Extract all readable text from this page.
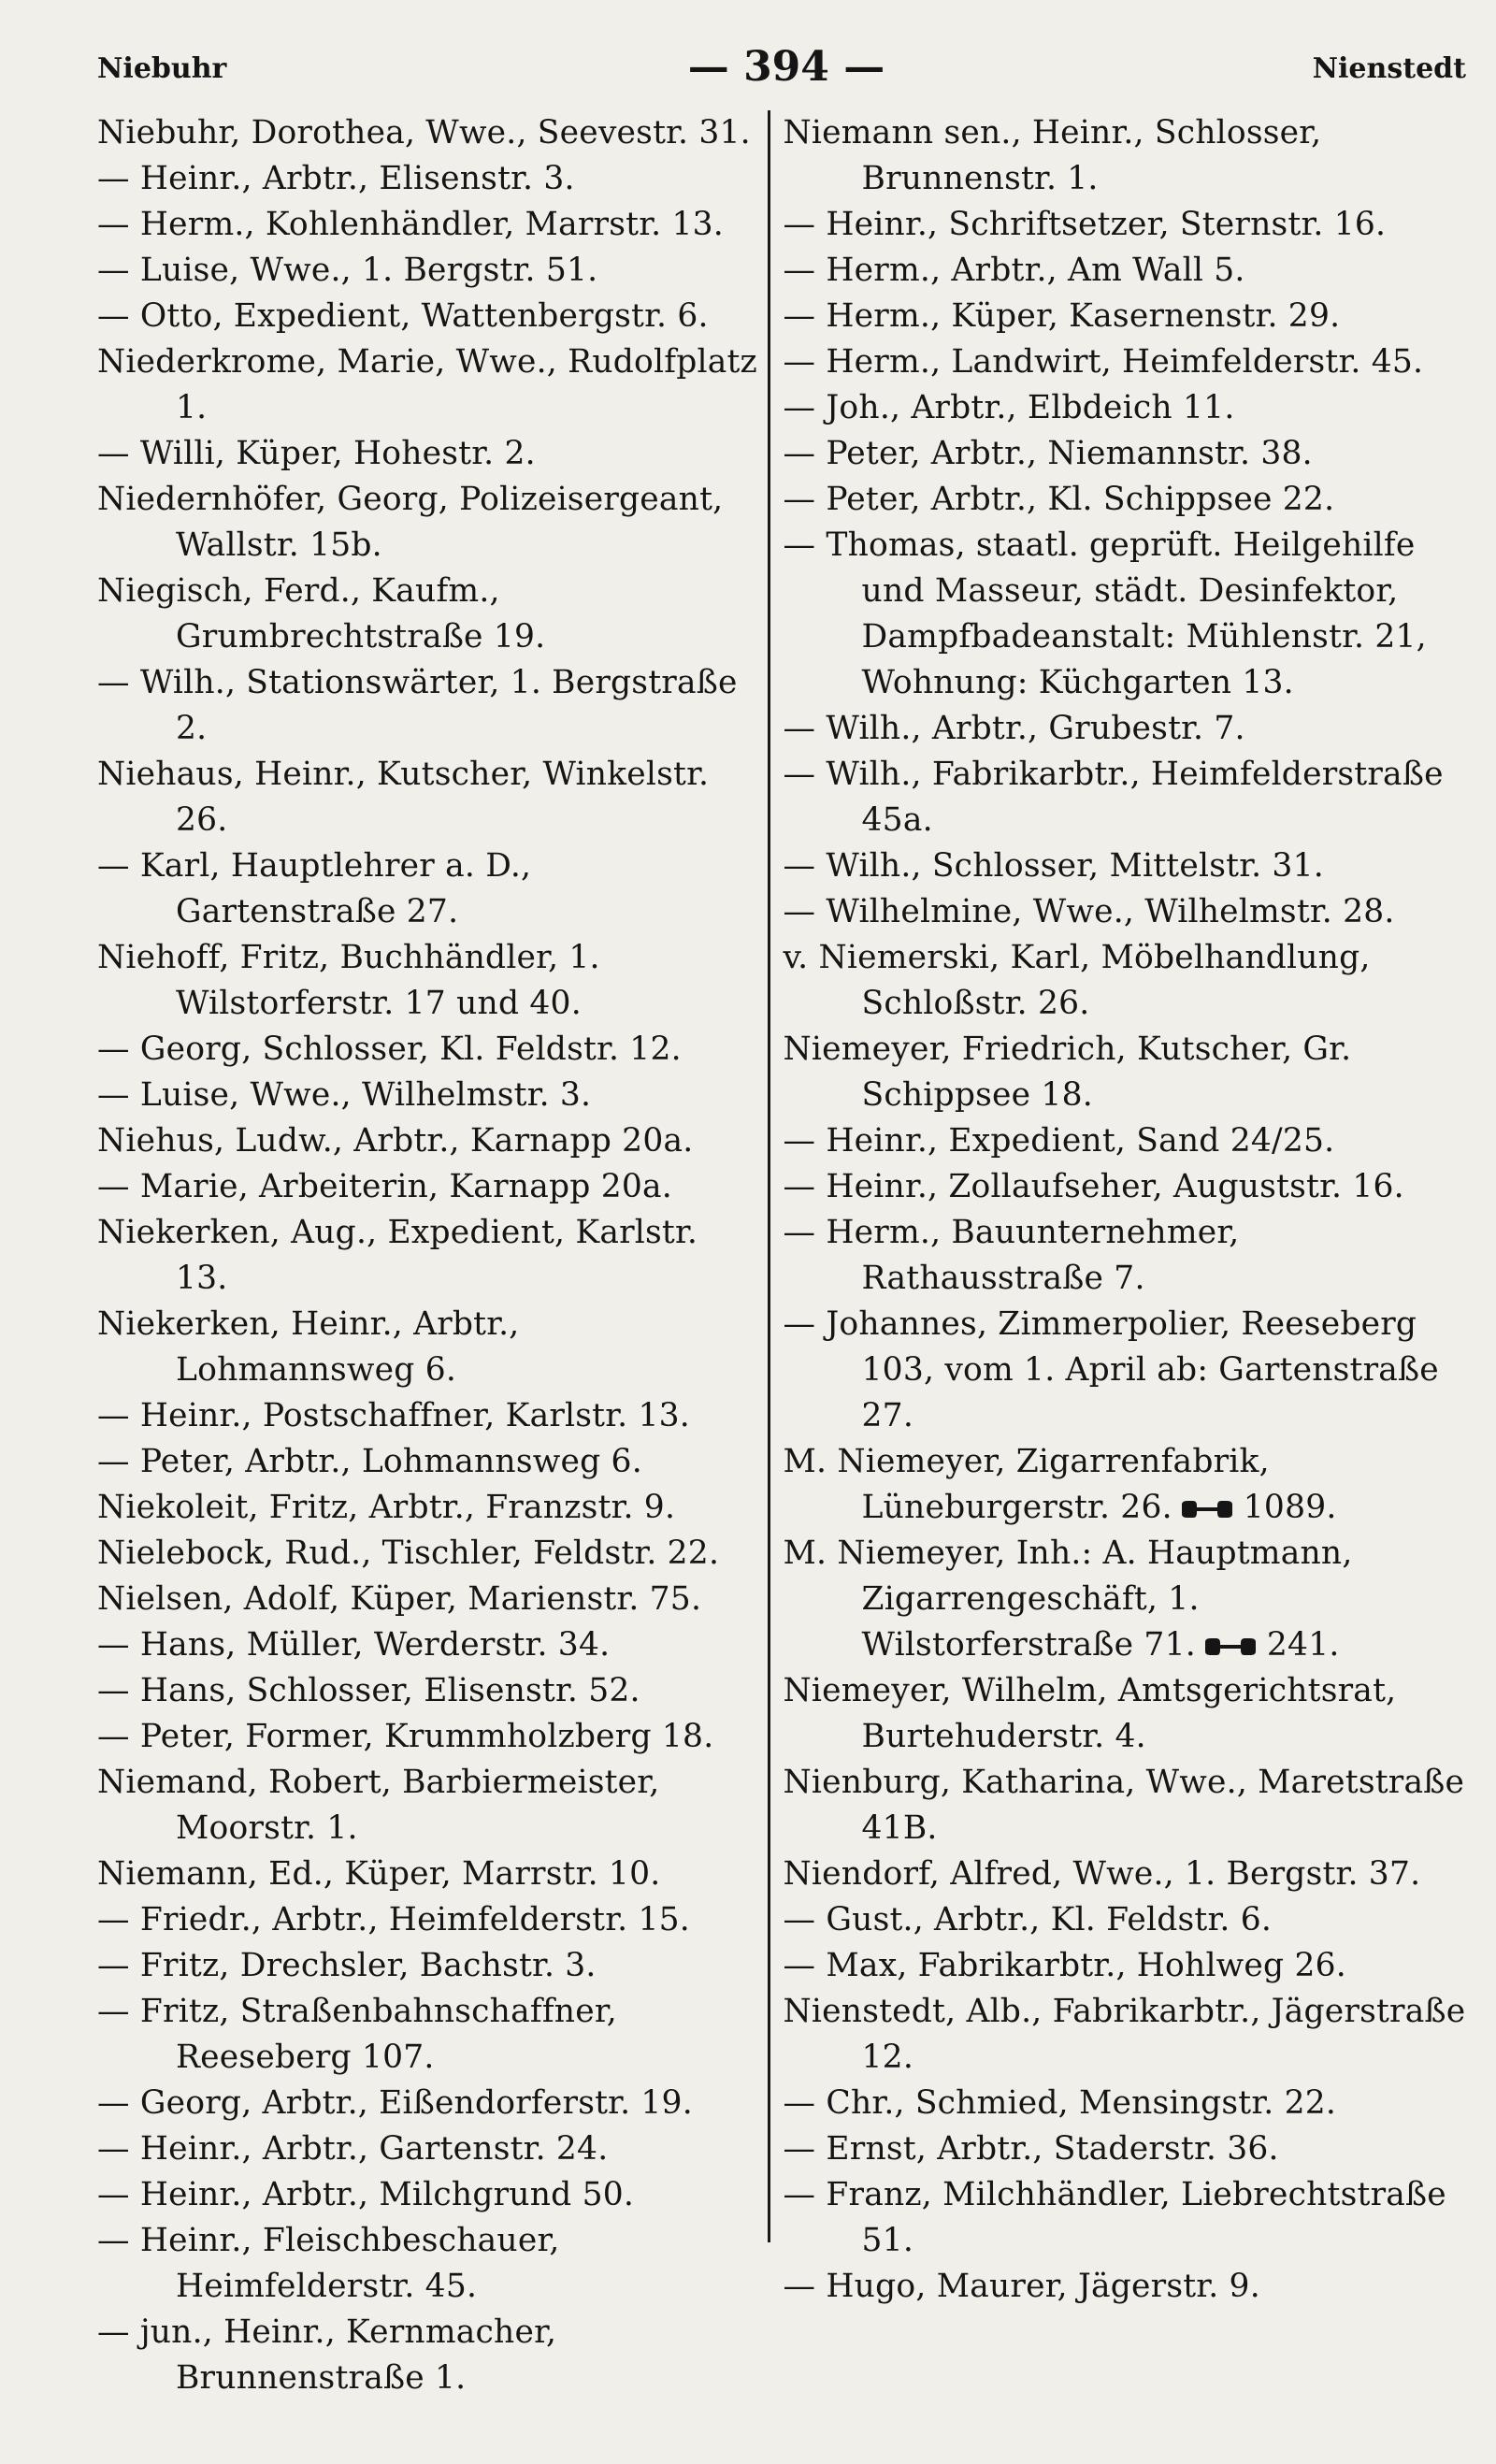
Niebuhr	— 394 —	Nienstedt
Niebuhr, Dorothea, Wwe., Seevestr. 31.
— Heinr., Arbtr., Elisenstr. 3.
— Herm., Kohlenhändler, Marrstr. 13.
— Luise, Wwe., 1. Bergstr. 51.
— Otto, Expedient, Wattenbergstr. 6.
Niederkrome, Marie, Wwe., Rudolfplatz 1.
— Willi, Küper, Hohestr. 2.
Niedernhöfer, Georg, Polizeisergeant, Wallstr. 15b.
Niegisch, Ferd., Kaufm., Grumbrechtstraße 19.
— Wilh., Stationswärter, 1. Bergstraße 2.
Niehaus, Heinr., Kutscher, Winkelstr. 26.
— Karl, Hauptlehrer a. D., Gartenstraße 27.
Niehoff, Fritz, Buchhändler, 1. Wilstorferstr. 17 und 40.
— Georg, Schlosser, Kl. Feldstr. 12.
— Luise, Wwe., Wilhelmstr. 3.
Niehus, Ludw., Arbtr., Karnapp 20a.
— Marie, Arbeiterin, Karnapp 20a.
Niekerken, Aug., Expedient, Karlstr. 13.
Niekerken, Heinr., Arbtr., Lohmannsweg 6.
— Heinr., Postschaffner, Karlstr. 13.
— Peter, Arbtr., Lohmannsweg 6.
Niekoleit, Fritz, Arbtr., Franzstr. 9.
Nielebock, Rud., Tischler, Feldstr. 22.
Nielsen, Adolf, Küper, Marienstr. 75.
— Hans, Müller, Werderstr. 34.
— Hans, Schlosser, Elisenstr. 52.
— Peter, Former, Krummholzberg 18.
Niemand, Robert, Barbiermeister, Moorstr. 1.
Niemann, Ed., Küper, Marrstr. 10.
— Friedr., Arbtr., Heimfelderstr. 15.
— Fritz, Drechsler, Bachstr. 3.
— Fritz, Straßenbahnschaffner, Reeseberg 107.
— Georg, Arbtr., Eißendorferstr. 19.
— Heinr., Arbtr., Gartenstr. 24.
— Heinr., Arbtr., Milchgrund 50.
— Heinr., Fleischbeschauer, Heimfelderstr. 45.
— jun., Heinr., Kernmacher, Brunnenstraße 1.
Niemann sen., Heinr., Schlosser, Brunnenstr. 1.
— Heinr., Schriftsetzer, Sternstr. 16.
— Herm., Arbtr., Am Wall 5.
— Herm., Küper, Kasernenstr. 29.
— Herm., Landwirt, Heimfelderstr. 45.
— Joh., Arbtr., Elbdeich 11.
— Peter, Arbtr., Niemannstr. 38.
— Peter, Arbtr., Kl. Schippsee 22.
— Thomas, staatl. geprüft. Heilgehilfe und Masseur, städt. Desinfektor, Dampfbadeanstalt: Mühlenstr. 21, Wohnung: Küchgarten 13.
— Wilh., Arbtr., Grubestr. 7.
— Wilh., Fabrikarbtr., Heimfelderstraße 45a.
— Wilh., Schlosser, Mittelstr. 31.
— Wilhelmine, Wwe., Wilhelmstr. 28.
v. Niemerski, Karl, Möbelhandlung, Schloßstr. 26.
Niemeyer, Friedrich, Kutscher, Gr. Schippsee 18.
— Heinr., Expedient, Sand 24/25.
— Heinr., Zollaufseher, Auguststr. 16.
— Herm., Bauunternehmer, Rathausstraße 7.
— Johannes, Zimmerpolier, Reeseberg 103, vom 1. April ab: Gartenstraße 27.
M. Niemeyer, Zigarrenfabrik, Lüneburgerstr. 26. 1089.
M. Niemeyer, Inh.: A. Hauptmann, Zigarrengeschäft, 1. Wilstorferstraße 71. 241.
Niemeyer, Wilhelm, Amtsgerichtsrat, Burtehuderstr. 4.
Nienburg, Katharina, Wwe., Maretstraße 41B.
Niendorf, Alfred, Wwe., 1. Bergstr. 37.
— Gust., Arbtr., Kl. Feldstr. 6.
— Max, Fabrikarbtr., Hohlweg 26.
Nienstedt, Alb., Fabrikarbtr., Jägerstraße 12.
— Chr., Schmied, Mensingstr. 22.
— Ernst, Arbtr., Staderstr. 36.
— Franz, Milchhändler, Liebrechtstraße 51.
— Hugo, Maurer, Jägerstr. 9.
